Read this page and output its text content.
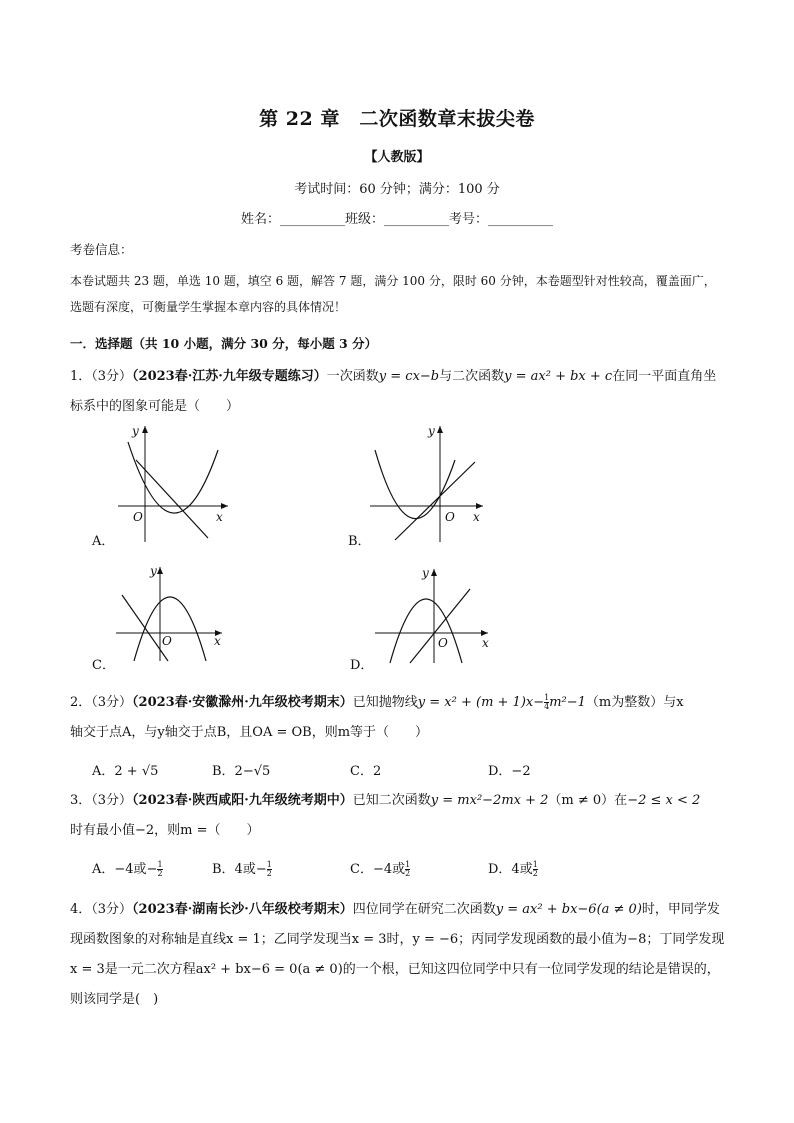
第 22 章　二次函数章末拔尖卷
【人教版】
考试时间：60 分钟；满分：100 分
姓名：__________班级：__________考号：__________
考卷信息：
本卷试题共 23 题，单选 10 题，填空 6 题，解答 7 题，满分 100 分，限时 60 分钟，本卷题型针对性较高，覆盖面广，选题有深度，可衡量学生掌握本章内容的具体情况！
一．选择题（共 10 小题，满分 30 分，每小题 3 分）
1．（3分）（2023春·江苏·九年级专题练习）一次函数y = cx−b与二次函数y = ax² + bx + c在同一平面直角坐标系中的图象可能是（　　）
y
x
O
A．
y
x
O
B．
y
x
O
C．
y
x
O
D．
2．（3分）（2023春·安徽滁州·九年级校考期末）已知抛物线$y = x^2 + (m + 1)x- \frac{1}{4} m^2-1(m$为整数）与x
轴交于点A，与y轴交于点B，且OA = OB，则m等于（　　）
A．2 + √5	B．2−√5	C．2	D．−2
3．（3分）（2023春·陕西咸阳·九年级统考期中）已知二次函数y = mx²−2mx + 2（m ≠ 0）在−2 ≤ x < 2
时有最小值−2，则m =（　　）
A．−4或− $\frac{1}{2}$	B．4或− $\frac{1}{2}$	C．−4或 $\frac{1}{2}$	D．4或 $\frac{1}{2}$
4．（3分）（2023春·湖南长沙·八年级校考期末）四位同学在研究二次函数y = ax² + bx−6(a ≠ 0)时，甲同学发现函数图象的对称轴是直线x = 1；乙同学发现当x = 3时，y = −6；丙同学发现函数的最小值为−8；丁同学发现x = 3是一元二次方程ax² + bx−6 = 0(a ≠ 0)的一个根，已知这四位同学中只有一位同学发现的结论是错误的，则该同学是(　)
